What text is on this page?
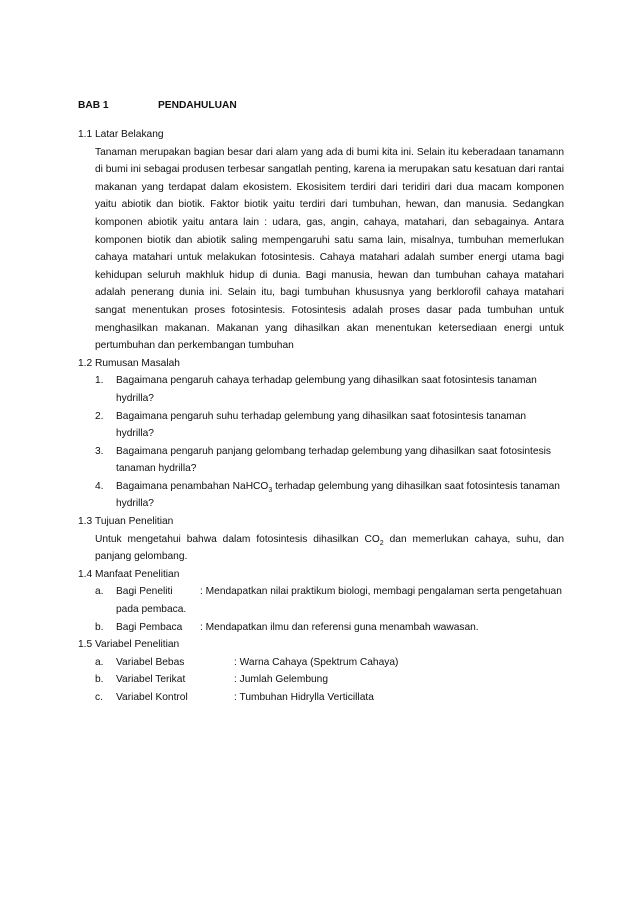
BAB 1	PENDAHULUAN
1.1 Latar Belakang
Tanaman merupakan bagian besar dari alam yang ada di bumi kita ini. Selain itu keberadaan tanamann di bumi ini sebagai produsen terbesar sangatlah penting, karena ia merupakan satu kesatuan dari rantai makanan yang terdapat dalam ekosistem. Ekosisitem terdiri dari teridiri dari dua macam komponen yaitu abiotik dan biotik. Faktor biotik yaitu terdiri dari tumbuhan, hewan, dan manusia. Sedangkan komponen abiotik yaitu antara lain : udara, gas, angin, cahaya, matahari, dan sebagainya. Antara komponen biotik dan abiotik saling mempengaruhi satu sama lain, misalnya, tumbuhan memerlukan cahaya matahari untuk melakukan fotosintesis. Cahaya matahari adalah sumber energi utama bagi kehidupan seluruh makhluk hidup di dunia. Bagi manusia, hewan dan tumbuhan cahaya matahari adalah penerang dunia ini. Selain itu, bagi tumbuhan khususnya yang berklorofil cahaya matahari sangat menentukan proses fotosintesis. Fotosintesis adalah proses dasar pada tumbuhan untuk menghasilkan makanan. Makanan yang dihasilkan akan menentukan ketersediaan energi untuk pertumbuhan dan perkembangan tumbuhan
1.2 Rumusan Masalah
1.	Bagaimana pengaruh cahaya terhadap gelembung yang dihasilkan saat fotosintesis tanaman hydrilla?
2.	Bagaimana pengaruh suhu terhadap gelembung yang dihasilkan saat fotosintesis tanaman hydrilla?
3.	Bagaimana pengaruh panjang gelombang terhadap gelembung yang dihasilkan saat fotosintesis tanaman hydrilla?
4.	Bagaimana penambahan NaHCO$_3$ terhadap gelembung yang dihasilkan saat fotosintesis tanaman hydrilla?
1.3 Tujuan Penelitian
Untuk mengetahui bahwa dalam fotosintesis dihasilkan $CO_2$ dan memerlukan cahaya, suhu, dan panjang gelombang.
1.4 Manfaat Penelitian
a.	Bagi Peneliti	: Mendapatkan nilai praktikum biologi, membagi pengalaman serta pengetahuan pada pembaca.
b.	Bagi Pembaca : Mendapatkan ilmu dan referensi guna menambah wawasan.
1.5 Variabel Penelitian
a.	Variabel Bebas	: Warna Cahaya (Spektrum Cahaya)
b.	Variabel Terikat	: Jumlah Gelembung
c.	Variabel Kontrol	: Tumbuhan Hidrylla Verticillata
